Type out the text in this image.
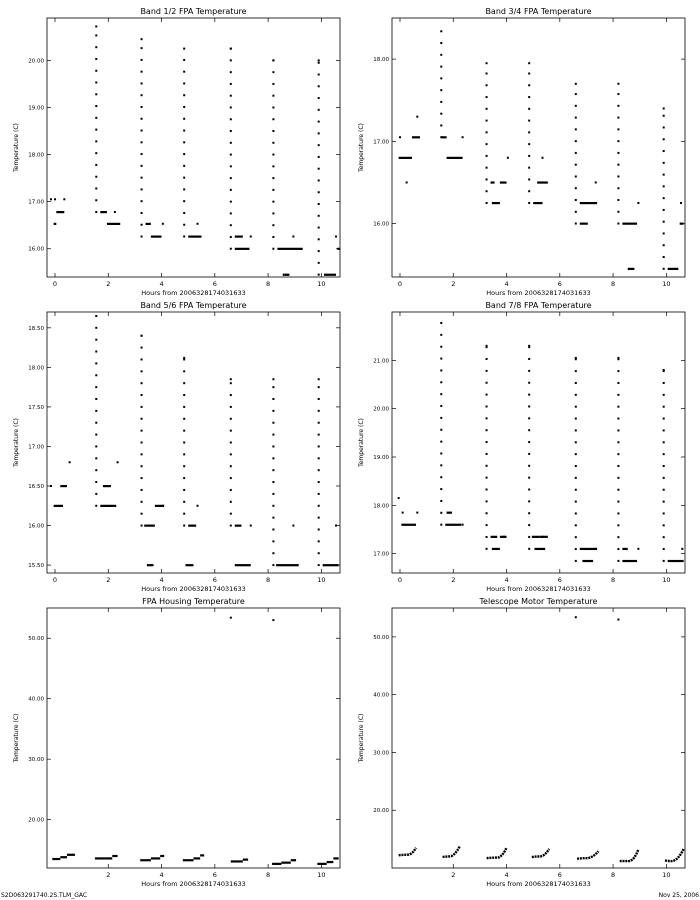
Band 1/2 FPA Temperature
Hours from 2006328174031633
Temperature (C)
0	2	4	6	8	10
16.00
17.00
18.00
19.00
20.00
Band 3/4 FPA Temperature
Hours from 2006328174031633
Temperature (C)
0	2	4	6	8	10
16.00
17.00
18.00
Band 5/6 FPA Temperature
Hours from 2006328174031633
Temperature (C)
0	2	4	6	8	10
15.50
16.00
16.50
17.00
17.50
18.00
18.50
Band 7/8 FPA Temperature
Hours from 2006328174031633
Temperature (C)
0	2	4	6	8	10
17.00
18.00
19.00
20.00
21.00
FPA Housing Temperature
Hours from 2006328174031633
Temperature (C)
2	4	6	8	10
20.00
30.00
40.00
50.00
Telescope Motor Temperature
Hours from 2006328174031633
Temperature (C)
2	4	6	8	10
20.00
30.00
40.00
50.00
S2D063291740.2S.TLM_GAC	Nov 25, 2006
